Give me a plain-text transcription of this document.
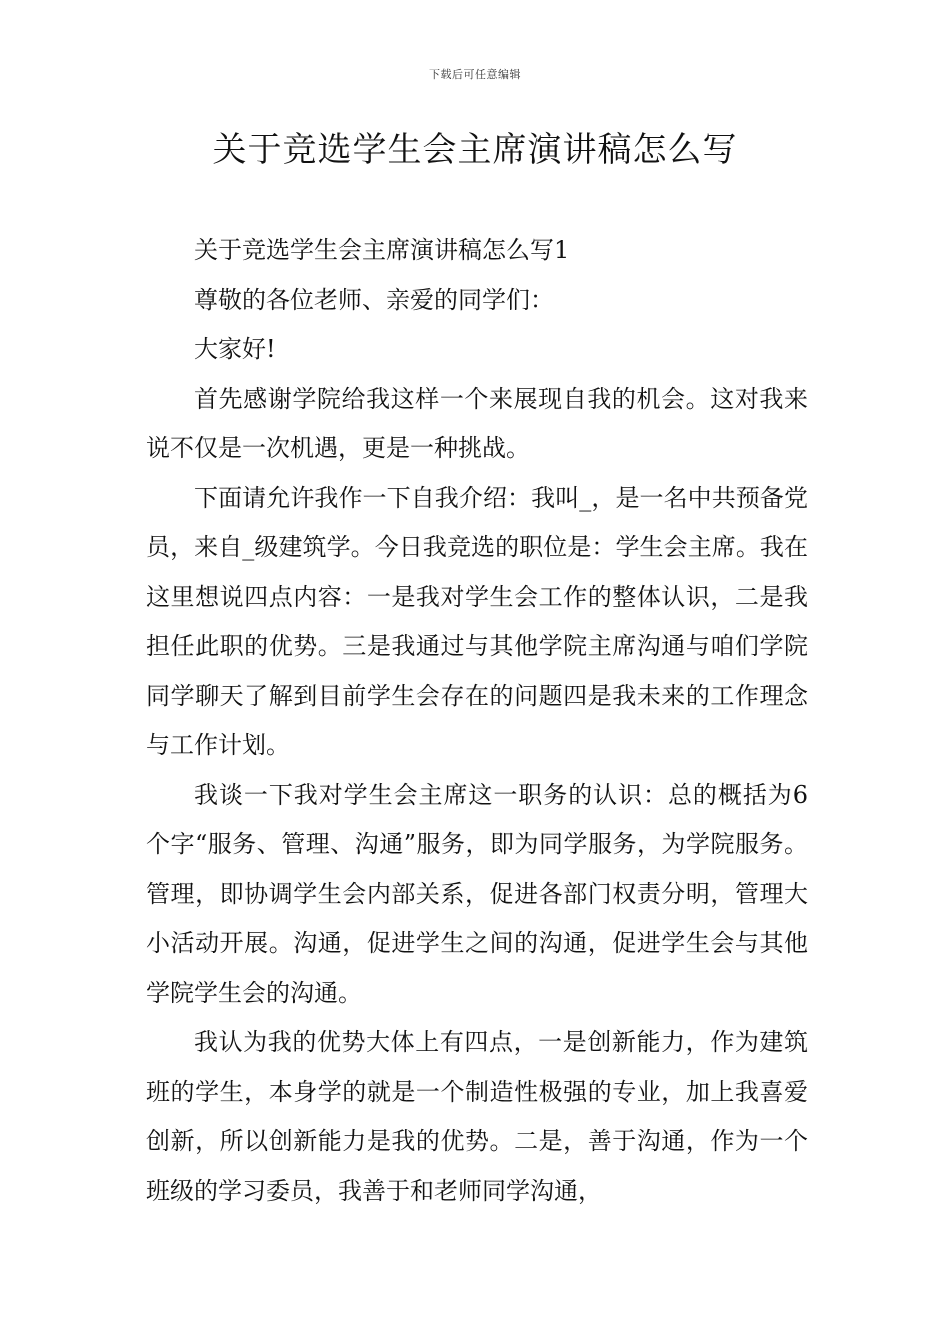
下载后可任意编辑
关于竞选学生会主席演讲稿怎么写

关于竞选学生会主席演讲稿怎么写1

尊敬的各位老师、亲爱的同学们：

大家好!

首先感谢学院给我这样一个来展现自我的机会。这对我来说不仅是一次机遇，更是一种挑战。

下面请允许我作一下自我介绍：我叫_，是一名中共预备党员，来自_级建筑学。今日我竞选的职位是：学生会主席。我在这里想说四点内容：一是我对学生会工作的整体认识，二是我担任此职的优势。三是我通过与其他学院主席沟通与咱们学院同学聊天了解到目前学生会存在的问题四是我未来的工作理念与工作计划。

我谈一下我对学生会主席这一职务的认识：总的概括为6个字“服务、管理、沟通”服务，即为同学服务，为学院服务。管理，即协调学生会内部关系，促进各部门权责分明，管理大小活动开展。沟通，促进学生之间的沟通，促进学生会与其他学院学生会的沟通。

我认为我的优势大体上有四点，一是创新能力，作为建筑班的学生，本身学的就是一个制造性极强的专业，加上我喜爱创新，所以创新能力是我的优势。二是，善于沟通，作为一个班级的学习委员，我善于和老师同学沟通，
